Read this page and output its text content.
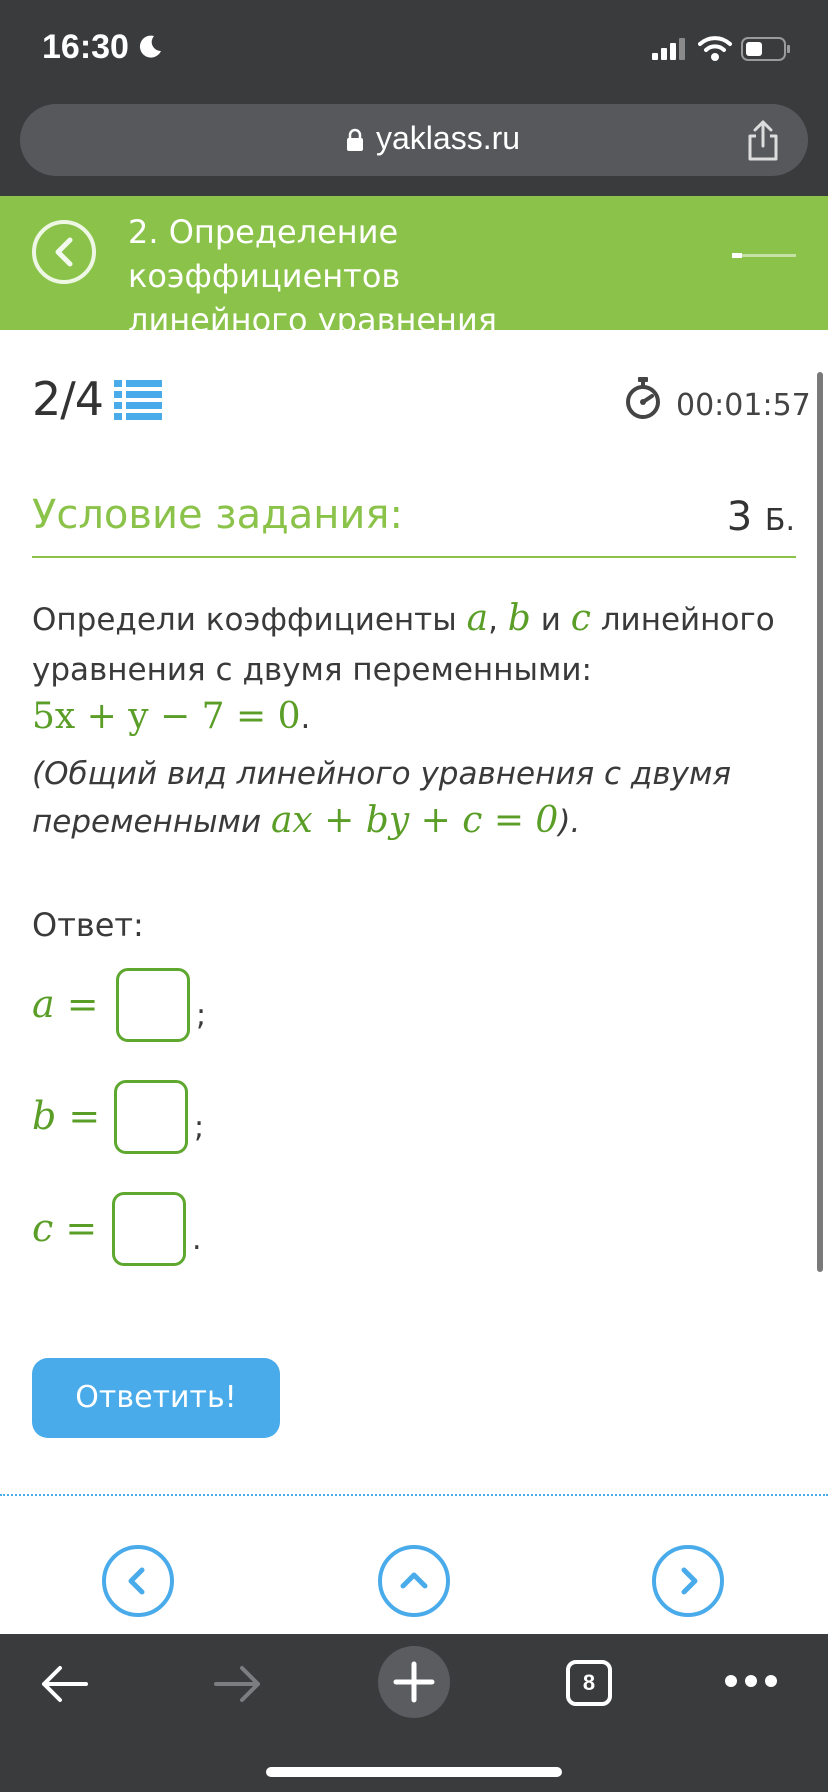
16:30
yaklass.ru
2. Определение коэффициентов
линейного уравнения
2/4	00:01:57
Условие задания:	3 Б.
Определи коэффициенты a, b и c линейного
уравнения с двумя переменными:
5x + y − 7 = 0.
(Общий вид линейного уравнения с двумя
переменными ax + by + c = 0).
Ответ:
a =	;
b =	;
c =	.
Ответить!
8
